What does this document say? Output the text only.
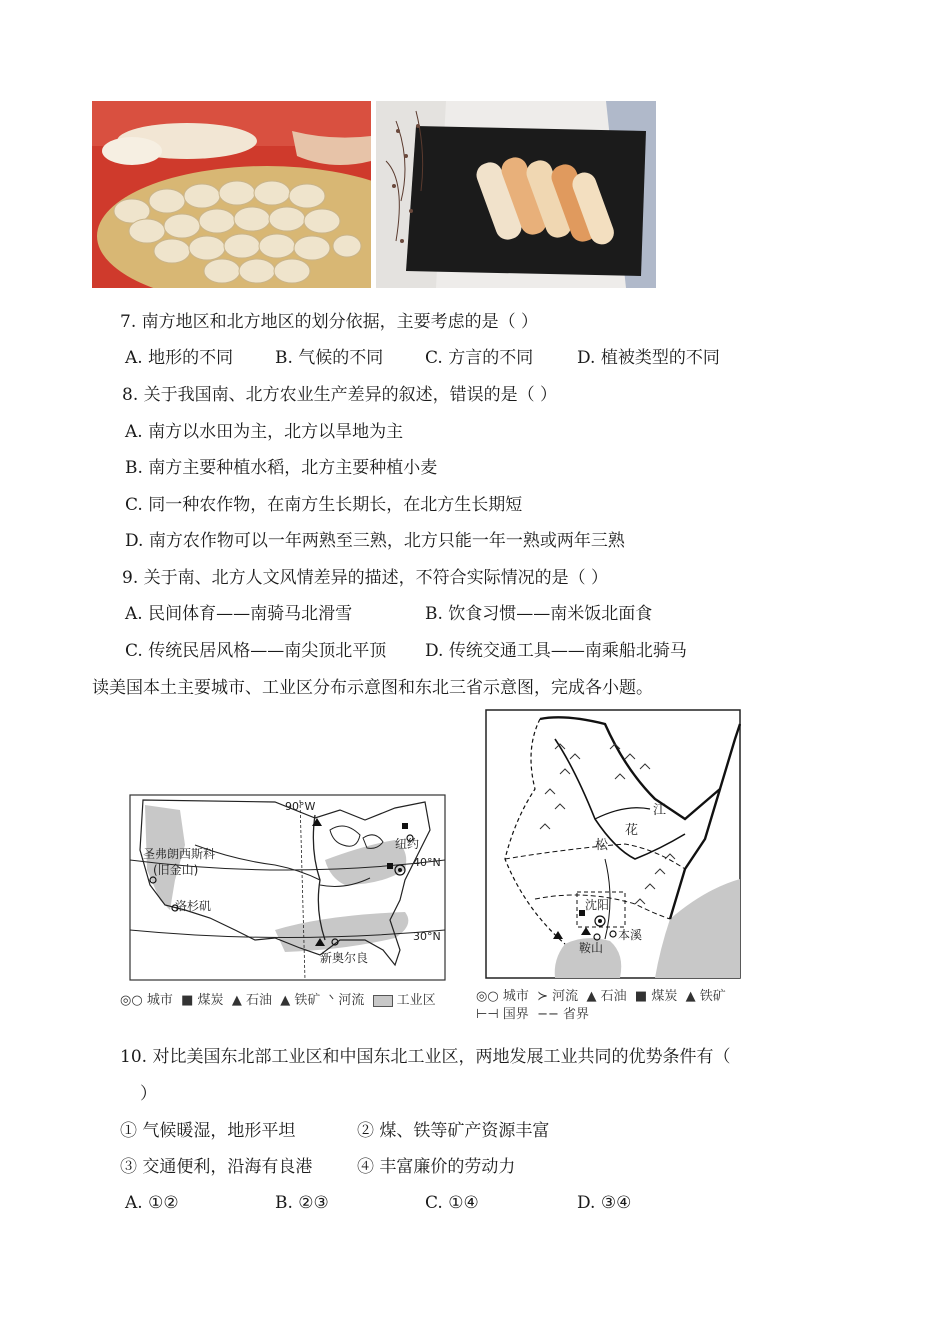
7. 南方地区和北方地区的划分依据，主要考虑的是（ ）
A. 地形的不同 B. 气候的不同 C. 方言的不同	D. 植被类型的不同
8. 关于我国南、北方农业生产差异的叙述，错误的是（ ）
A. 南方以水田为主，北方以旱地为主
B. 南方主要种植水稻，北方主要种植小麦
C. 同一种农作物，在南方生长期长，在北方生长期短
D. 南方农作物可以一年两熟至三熟，北方只能一年一熟或两年三熟
9. 关于南、北方人文风情差异的描述，不符合实际情况的是（ ）
A. 民间体育——南骑马北滑雪	B. 饮食习惯——南米饭北面食
C. 传统民居风格——南尖顶北平顶 D. 传统交通工具——南乘船北骑马
读美国本土主要城市、工业区分布示意图和东北三省示意图，完成各小题。
90°W
纽约
40°N
30°N
圣弗朗西斯科
(旧金山)
洛杉矶
新奥尔良
◎○ 城市  ■ 煤炭  ▲ 石油  ▲ 铁矿  ᐠ 河流 工业区
江
花
松
沈阳
本溪
鞍山
◎○ 城市  ≻ 河流  ▲ 石油  ■ 煤炭  ▲ 铁矿
⊢⊣ 国界  −− 省界
10. 对比美国东北部工业区和中国东北工业区，两地发展工业共同的优势条件有（
）
① 气候暖湿，地形平坦	② 煤、铁等矿产资源丰富
③ 交通便利，沿海有良港	④ 丰富廉价的劳动力
A. ①②	B. ②③	C. ①④	D. ③④
